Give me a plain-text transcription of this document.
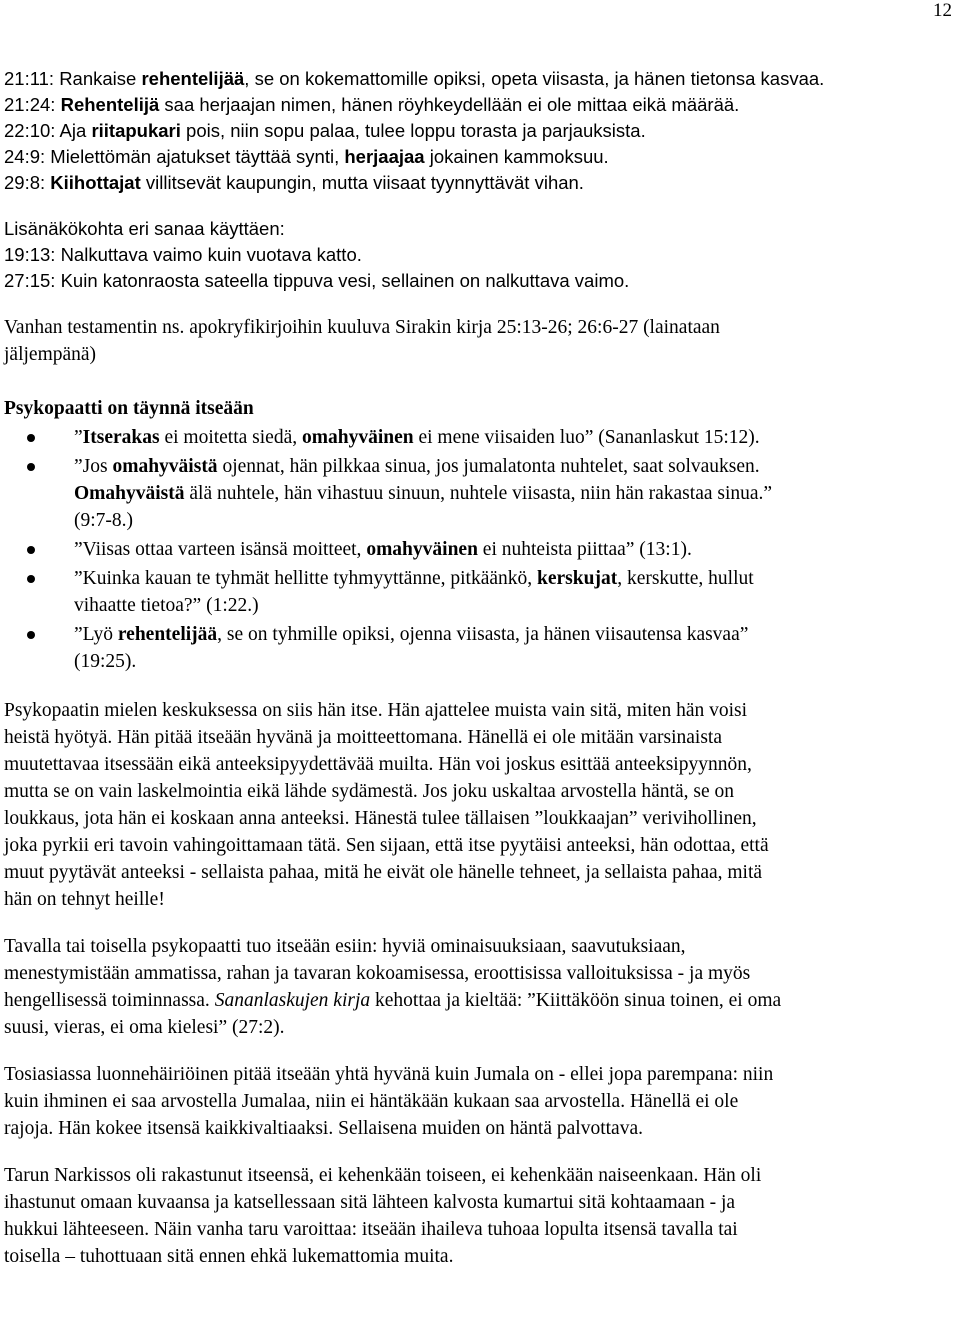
12
21:11: Rankaise rehentelijää, se on kokemattomille opiksi, opeta viisasta, ja hänen tietonsa kasvaa.
21:24: Rehentelijä saa herjaajan nimen, hänen röyhkeydellään ei ole mittaa eikä määrää.
22:10: Aja riitapukari pois, niin sopu palaa, tulee loppu torasta ja parjauksista.
24:9: Mielettömän ajatukset täyttää synti, herjaajaa jokainen kammoksuu.
29:8: Kiihottajat villitsevät kaupungin, mutta viisaat tyynnyttävät vihan.
Lisänäkökohta eri sanaa käyttäen:
19:13: Nalkuttava vaimo kuin vuotava katto.
27:15: Kuin katonraosta sateella tippuva vesi, sellainen on nalkuttava vaimo.
Vanhan testamentin ns. apokryfikirjoihin kuuluva Sirakin kirja 25:13-26; 26:6-27 (lainataan
jäljempänä)

Psykopaatti on täynnä itseään

”Itserakas ei moitetta siedä, omahyväinen ei mene viisaiden luo” (Sananlaskut 15:12).
”Jos omahyväistä ojennat, hän pilkkaa sinua, jos jumalatonta nuhtelet, saat solvauksen.
Omahyväistä älä nuhtele, hän vihastuu sinuun, nuhtele viisasta, niin hän rakastaa sinua.”
(9:7-8.)
”Viisas ottaa varteen isänsä moitteet, omahyväinen ei nuhteista piittaa” (13:1).
”Kuinka kauan te tyhmät hellitte tyhmyyttänne, pitkäänkö, kerskujat, kerskutte, hullut
vihaatte tietoa?” (1:22.)
”Lyö rehentelijää, se on tyhmille opiksi, ojenna viisasta, ja hänen viisautensa kasvaa”
(19:25).
Psykopaatin mielen keskuksessa on siis hän itse. Hän ajattelee muista vain sitä, miten hän voisi
heistä hyötyä. Hän pitää itseään hyvänä ja moitteettomana. Hänellä ei ole mitään varsinaista
muutettavaa itsessään eikä anteeksipyydettävää muilta. Hän voi joskus esittää anteeksipyynnön,
mutta se on vain laskelmointia eikä lähde sydämestä. Jos joku uskaltaa arvostella häntä, se on
loukkaus, jota hän ei koskaan anna anteeksi. Hänestä tulee tällaisen ”loukkaajan” verivihollinen,
joka pyrkii eri tavoin vahingoittamaan tätä. Sen sijaan, että itse pyytäisi anteeksi, hän odottaa, että
muut pyytävät anteeksi - sellaista pahaa, mitä he eivät ole hänelle tehneet, ja sellaista pahaa, mitä
hän on tehnyt heille!
Tavalla tai toisella psykopaatti tuo itseään esiin: hyviä ominaisuuksiaan, saavutuksiaan,
menestymistään ammatissa, rahan ja tavaran kokoamisessa, eroottisissa valloituksissa - ja myös
hengellisessä toiminnassa. Sananlaskujen kirja kehottaa ja kieltää: ”Kiittäköön sinua toinen, ei oma
suusi, vieras, ei oma kielesi” (27:2).
Tosiasiassa luonnehäiriöinen pitää itseään yhtä hyvänä kuin Jumala on - ellei jopa parempana: niin
kuin ihminen ei saa arvostella Jumalaa, niin ei häntäkään kukaan saa arvostella. Hänellä ei ole
rajoja. Hän kokee itsensä kaikkivaltiaaksi. Sellaisena muiden on häntä palvottava.
Tarun Narkissos oli rakastunut itseensä, ei kehenkään toiseen, ei kehenkään naiseenkaan. Hän oli
ihastunut omaan kuvaansa ja katsellessaan sitä lähteen kalvosta kumartui sitä kohtaamaan - ja
hukkui lähteeseen. Näin vanha taru varoittaa: itseään ihaileva tuhoaa lopulta itsensä tavalla tai
toisella – tuhottuaan sitä ennen ehkä lukemattomia muita.
